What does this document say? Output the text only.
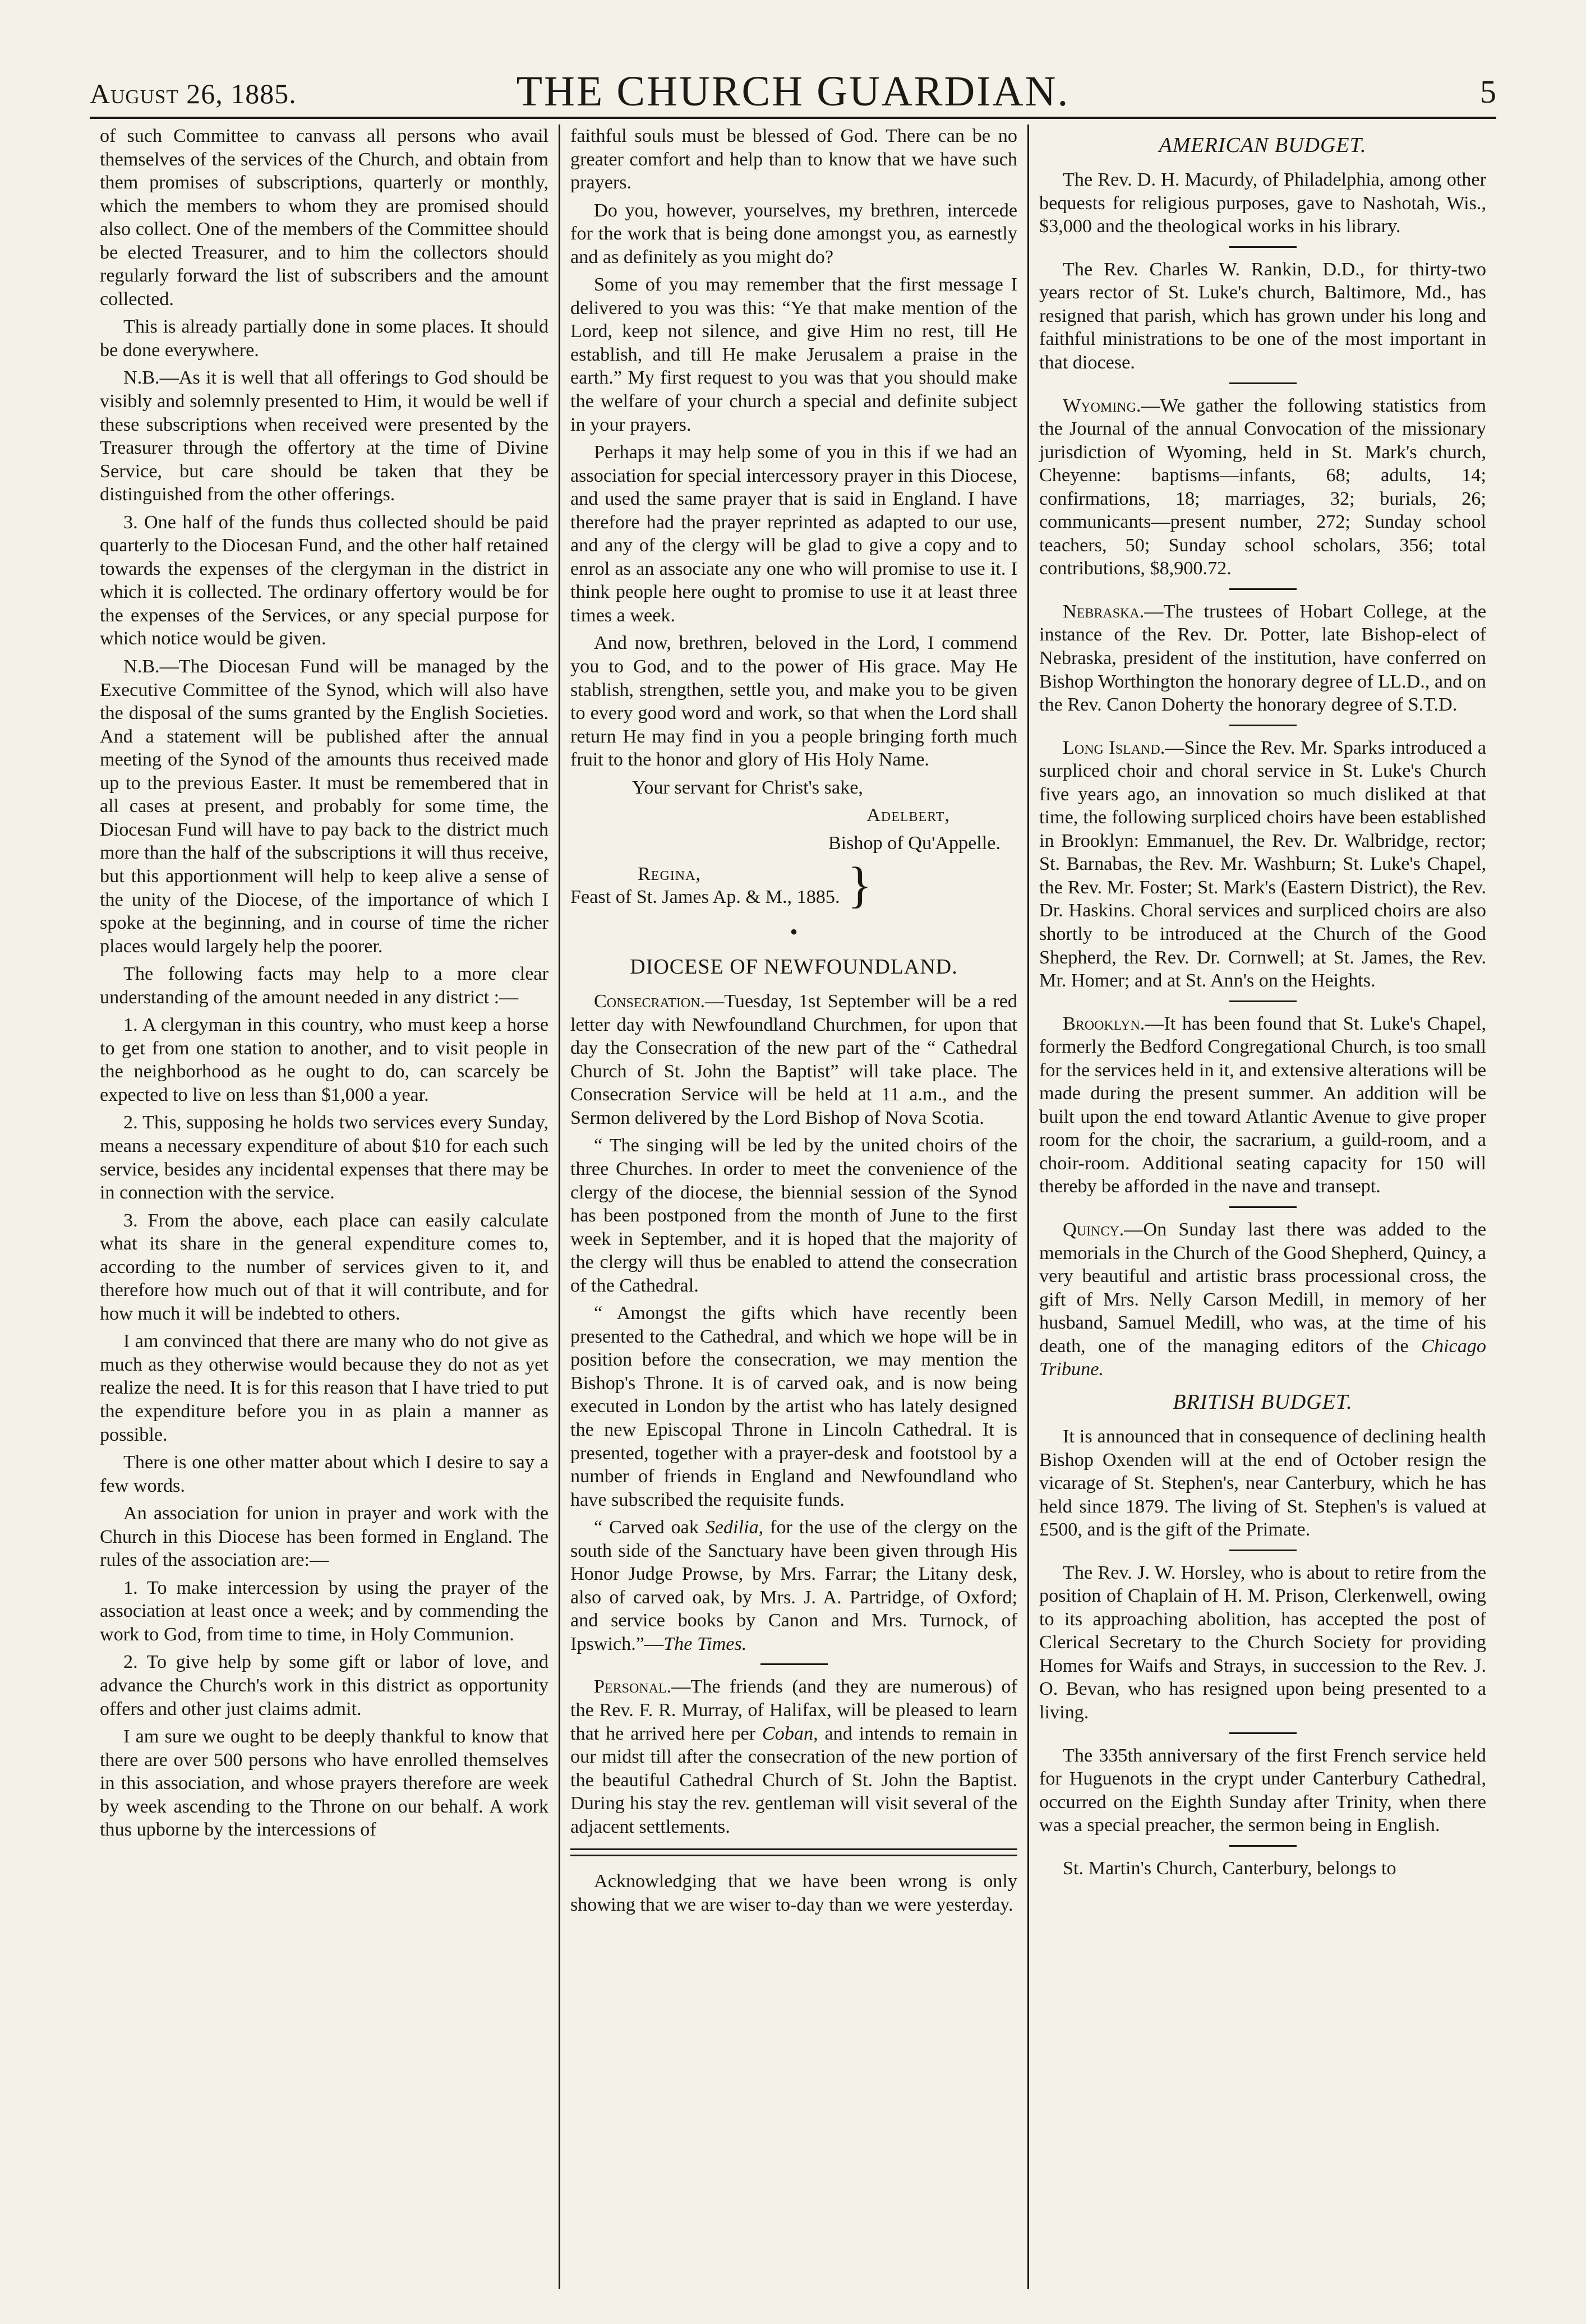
August 26, 1885.	THE CHURCH GUARDIAN.	5

of such Committee to canvass all persons who avail themselves of the services of the Church, and obtain from them promises of subscriptions, quarterly or monthly, which the members to whom they are promised should also collect. One of the members of the Committee should be elected Treasurer, and to him the collectors should regularly forward the list of subscribers and the amount collected.

This is already partially done in some places. It should be done everywhere.

N.B.—As it is well that all offerings to God should be visibly and solemnly presented to Him, it would be well if these subscriptions when received were presented by the Treasurer through the offertory at the time of Divine Service, but care should be taken that they be distinguished from the other offerings.

3. One half of the funds thus collected should be paid quarterly to the Diocesan Fund, and the other half retained towards the expenses of the clergyman in the district in which it is collected. The ordinary offertory would be for the expenses of the Services, or any special purpose for which notice would be given.

N.B.—The Diocesan Fund will be managed by the Executive Committee of the Synod, which will also have the disposal of the sums granted by the English Societies. And a statement will be published after the annual meeting of the Synod of the amounts thus received made up to the previous Easter. It must be remembered that in all cases at present, and probably for some time, the Diocesan Fund will have to pay back to the district much more than the half of the subscriptions it will thus receive, but this apportionment will help to keep alive a sense of the unity of the Diocese, of the importance of which I spoke at the beginning, and in course of time the richer places would largely help the poorer.

The following facts may help to a more clear understanding of the amount needed in any district :—

1. A clergyman in this country, who must keep a horse to get from one station to another, and to visit people in the neighborhood as he ought to do, can scarcely be expected to live on less than $1,000 a year.

2. This, supposing he holds two services every Sunday, means a necessary expenditure of about $10 for each such service, besides any incidental expenses that there may be in connection with the service.

3. From the above, each place can easily calculate what its share in the general expenditure comes to, according to the number of services given to it, and therefore how much out of that it will contribute, and for how much it will be indebted to others.

I am convinced that there are many who do not give as much as they otherwise would because they do not as yet realize the need. It is for this reason that I have tried to put the expenditure before you in as plain a manner as possible.

There is one other matter about which I desire to say a few words.

An association for union in prayer and work with the Church in this Diocese has been formed in England. The rules of the association are:—

1. To make intercession by using the prayer of the association at least once a week; and by commending the work to God, from time to time, in Holy Communion.

2. To give help by some gift or labor of love, and advance the Church's work in this district as opportunity offers and other just claims admit.

I am sure we ought to be deeply thankful to know that there are over 500 persons who have enrolled themselves in this association, and whose prayers therefore are week by week ascending to the Throne on our behalf. A work thus upborne by the intercessions of

faithful souls must be blessed of God. There can be no greater comfort and help than to know that we have such prayers.

Do you, however, yourselves, my brethren, intercede for the work that is being done amongst you, as earnestly and as definitely as you might do?

Some of you may remember that the first message I delivered to you was this: “Ye that make mention of the Lord, keep not silence, and give Him no rest, till He establish, and till He make Jerusalem a praise in the earth.” My first request to you was that you should make the welfare of your church a special and definite subject in your prayers.

Perhaps it may help some of you in this if we had an association for special intercessory prayer in this Diocese, and used the same prayer that is said in England. I have therefore had the prayer reprinted as adapted to our use, and any of the clergy will be glad to give a copy and to enrol as an associate any one who will promise to use it. I think people here ought to promise to use it at least three times a week.

And now, brethren, beloved in the Lord, I commend you to God, and to the power of His grace. May He stablish, strengthen, settle you, and make you to be given to every good word and work, so that when the Lord shall return He may find in you a people bringing forth much fruit to the honor and glory of His Holy Name.

Your servant for Christ's sake,

Adelbert,

Bishop of Qu'Appelle.

Regina,
Feast of St. James Ap. & M., 1885. }
•

DIOCESE OF NEWFOUNDLAND.

Consecration.—Tuesday, 1st September will be a red letter day with Newfoundland Churchmen, for upon that day the Consecration of the new part of the “ Cathedral Church of St. John the Baptist” will take place. The Consecration Service will be held at 11 a.m., and the Sermon delivered by the Lord Bishop of Nova Scotia.

“ The singing will be led by the united choirs of the three Churches. In order to meet the convenience of the clergy of the diocese, the biennial session of the Synod has been postponed from the month of June to the first week in September, and it is hoped that the majority of the clergy will thus be enabled to attend the consecration of the Cathedral.

“ Amongst the gifts which have recently been presented to the Cathedral, and which we hope will be in position before the consecration, we may mention the Bishop's Throne. It is of carved oak, and is now being executed in London by the artist who has lately designed the new Episcopal Throne in Lincoln Cathedral. It is presented, together with a prayer-desk and footstool by a number of friends in England and Newfoundland who have subscribed the requisite funds.

“ Carved oak Sedilia, for the use of the clergy on the south side of the Sanctuary have been given through His Honor Judge Prowse, by Mrs. Farrar; the Litany desk, also of carved oak, by Mrs. J. A. Partridge, of Oxford; and service books by Canon and Mrs. Turnock, of Ipswich.”—The Times.

Personal.—The friends (and they are numerous) of the Rev. F. R. Murray, of Halifax, will be pleased to learn that he arrived here per Coban, and intends to remain in our midst till after the consecration of the new portion of the beautiful Cathedral Church of St. John the Baptist. During his stay the rev. gentleman will visit several of the adjacent settlements.

Acknowledging that we have been wrong is only showing that we are wiser to-day than we were yesterday.

AMERICAN BUDGET.

The Rev. D. H. Macurdy, of Philadelphia, among other bequests for religious purposes, gave to Nashotah, Wis., $3,000 and the theological works in his library.

The Rev. Charles W. Rankin, D.D., for thirty-two years rector of St. Luke's church, Baltimore, Md., has resigned that parish, which has grown under his long and faithful ministrations to be one of the most important in that diocese.

Wyoming.—We gather the following statistics from the Journal of the annual Convocation of the missionary jurisdiction of Wyoming, held in St. Mark's church, Cheyenne: baptisms—infants, 68; adults, 14; confirmations, 18; marriages, 32; burials, 26; communicants—present number, 272; Sunday school teachers, 50; Sunday school scholars, 356; total contributions, $8,900.72.

Nebraska.—The trustees of Hobart College, at the instance of the Rev. Dr. Potter, late Bishop-elect of Nebraska, president of the institution, have conferred on Bishop Worthington the honorary degree of LL.D., and on the Rev. Canon Doherty the honorary degree of S.T.D.

Long Island.—Since the Rev. Mr. Sparks introduced a surpliced choir and choral service in St. Luke's Church five years ago, an innovation so much disliked at that time, the following surpliced choirs have been established in Brooklyn: Emmanuel, the Rev. Dr. Walbridge, rector; St. Barnabas, the Rev. Mr. Washburn; St. Luke's Chapel, the Rev. Mr. Foster; St. Mark's (Eastern District), the Rev. Dr. Haskins. Choral services and surpliced choirs are also shortly to be introduced at the Church of the Good Shepherd, the Rev. Dr. Cornwell; at St. James, the Rev. Mr. Homer; and at St. Ann's on the Heights.

Brooklyn.—It has been found that St. Luke's Chapel, formerly the Bedford Congregational Church, is too small for the services held in it, and extensive alterations will be made during the present summer. An addition will be built upon the end toward Atlantic Avenue to give proper room for the choir, the sacrarium, a guild-room, and a choir-room. Additional seating capacity for 150 will thereby be afforded in the nave and transept.

Quincy.—On Sunday last there was added to the memorials in the Church of the Good Shepherd, Quincy, a very beautiful and artistic brass processional cross, the gift of Mrs. Nelly Carson Medill, in memory of her husband, Samuel Medill, who was, at the time of his death, one of the managing editors of the Chicago Tribune.

BRITISH BUDGET.

It is announced that in consequence of declining health Bishop Oxenden will at the end of October resign the vicarage of St. Stephen's, near Canterbury, which he has held since 1879. The living of St. Stephen's is valued at £500, and is the gift of the Primate.

The Rev. J. W. Horsley, who is about to retire from the position of Chaplain of H. M. Prison, Clerkenwell, owing to its approaching abolition, has accepted the post of Clerical Secretary to the Church Society for providing Homes for Waifs and Strays, in succession to the Rev. J. O. Bevan, who has resigned upon being presented to a living.

The 335th anniversary of the first French service held for Huguenots in the crypt under Canterbury Cathedral, occurred on the Eighth Sunday after Trinity, when there was a special preacher, the sermon being in English.

St. Martin's Church, Canterbury, belongs to
